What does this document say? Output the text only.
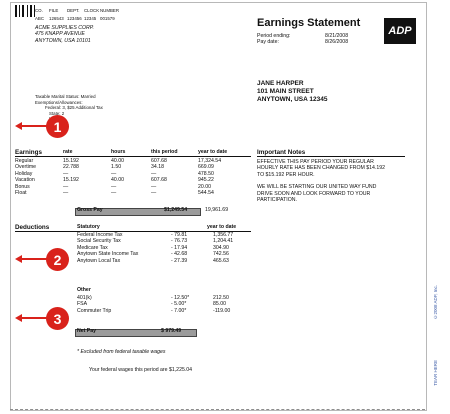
CO.	FILE	DEPT.	CLOCK NUMBER
ABC	126543 123456 12345 001579
ACME SUPPLIES CORP.
475 KNAPP AVENUE
ANYTOWN, USA 10101
Earnings Statement
Period ending:	8/21/2008
Pay date:	8/26/2008
ADP
JANE HARPER
101 MAIN STREET
ANYTOWN, USA 12345
Taxable Marital Status: Married
Exemptions/Allowances:
Federal: 3, $25 Additional Tax
State: 2
Earnings	rate	hours	this period	year to date
Regular	15.192	40.00	607.68	17,324.54
Overtime	22.788	1.50	34.18	669.09
Holiday	—	—	—	478.50
Vacation	15.192	40.00	607.68	945.22
Bonus	—	—	—	20.00
Float	—	—	—	544.54
Gross Pay	$1,249.54	19,961.69
Deductions	Statutory	year to date
Federal Income Tax	- 79.81	1,356.77
Social Security Tax	- 76.73	1,204.41
Medicare Tax	- 17.94	304.90
Anytown State Income Tax	- 42.68	742.56
Anytown Local Tax	- 27.39	465.63
Other
401(k)	- 12.50*	212.50
FSA	- 5.00*	85.00
Commuter Trip	- 7.00*	-119.00
Net Pay	$ 979.49
* Excluded from federal taxable wages
Your federal wages this period are $1,225.04
Important Notes
EFFECTIVE THIS PAY PERIOD YOUR REGULAR
HOURLY RATE HAS BEEN CHANGED FROM $14.192
TO $15.192 PER HOUR.
WE WILL BE STARTING OUR UNITED WAY FUND
DRIVE SOON AND LOOK FORWARD TO YOUR
PARTICIPATION.
1
2
3
TEAR HERE
©2008 ADP, Inc.
